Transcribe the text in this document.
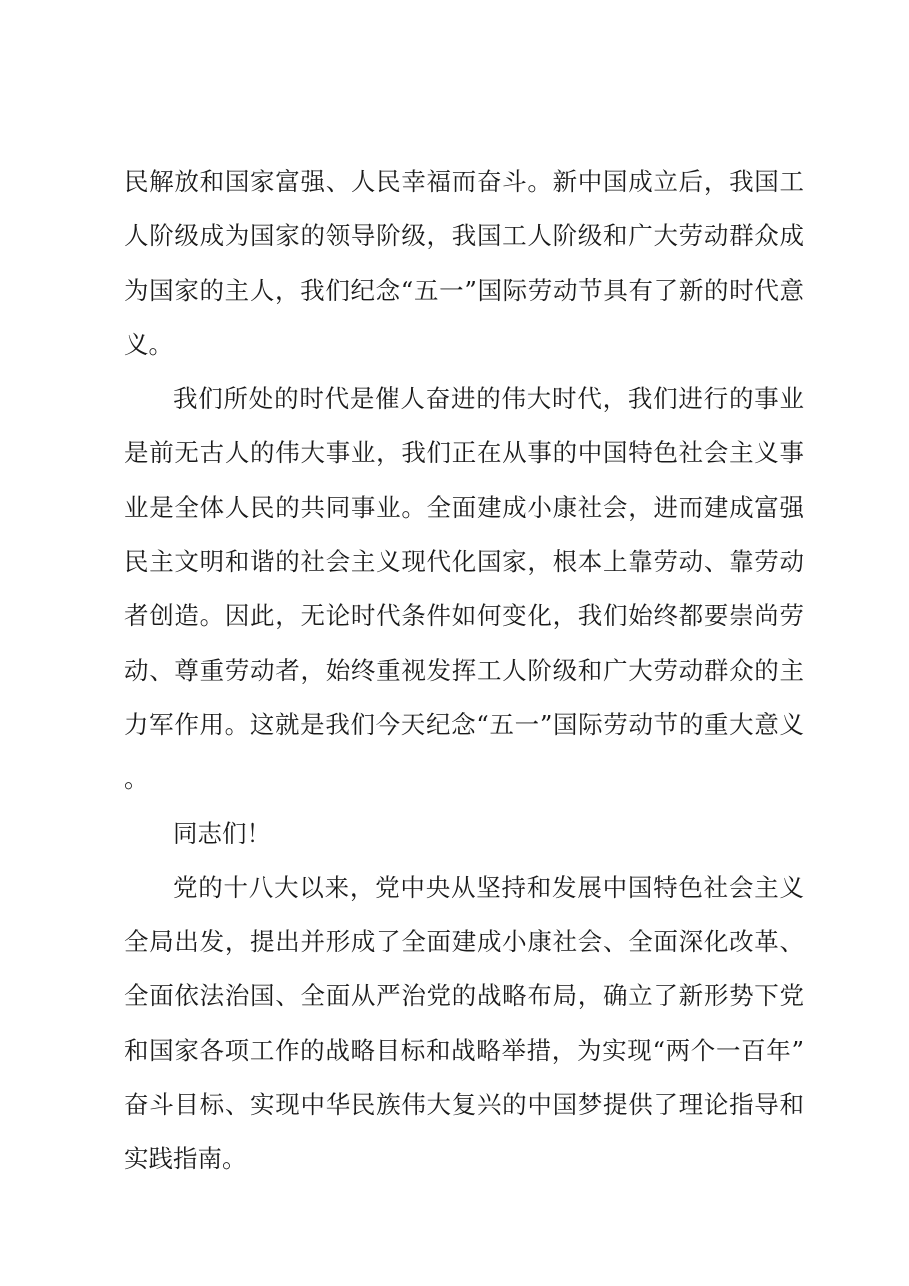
民解放和国家富强、人民幸福而奋斗。新中国成立后，我国工人阶级成为国家的领导阶级，我国工人阶级和广大劳动群众成为国家的主人，我们纪念“五一”国际劳动节具有了新的时代意义。

我们所处的时代是催人奋进的伟大时代，我们进行的事业是前无古人的伟大事业，我们正在从事的中国特色社会主义事业是全体人民的共同事业。全面建成小康社会，进而建成富强民主文明和谐的社会主义现代化国家，根本上靠劳动、靠劳动者创造。因此，无论时代条件如何变化，我们始终都要崇尚劳动、尊重劳动者，始终重视发挥工人阶级和广大劳动群众的主力军作用。这就是我们今天纪念“五一”国际劳动节的重大意义。

同志们！

党的十八大以来，党中央从坚持和发展中国特色社会主义全局出发，提出并形成了全面建成小康社会、全面深化改革、全面依法治国、全面从严治党的战略布局，确立了新形势下党和国家各项工作的战略目标和战略举措，为实现“两个一百年”奋斗目标、实现中华民族伟大复兴的中国梦提供了理论指导和实践指南。
